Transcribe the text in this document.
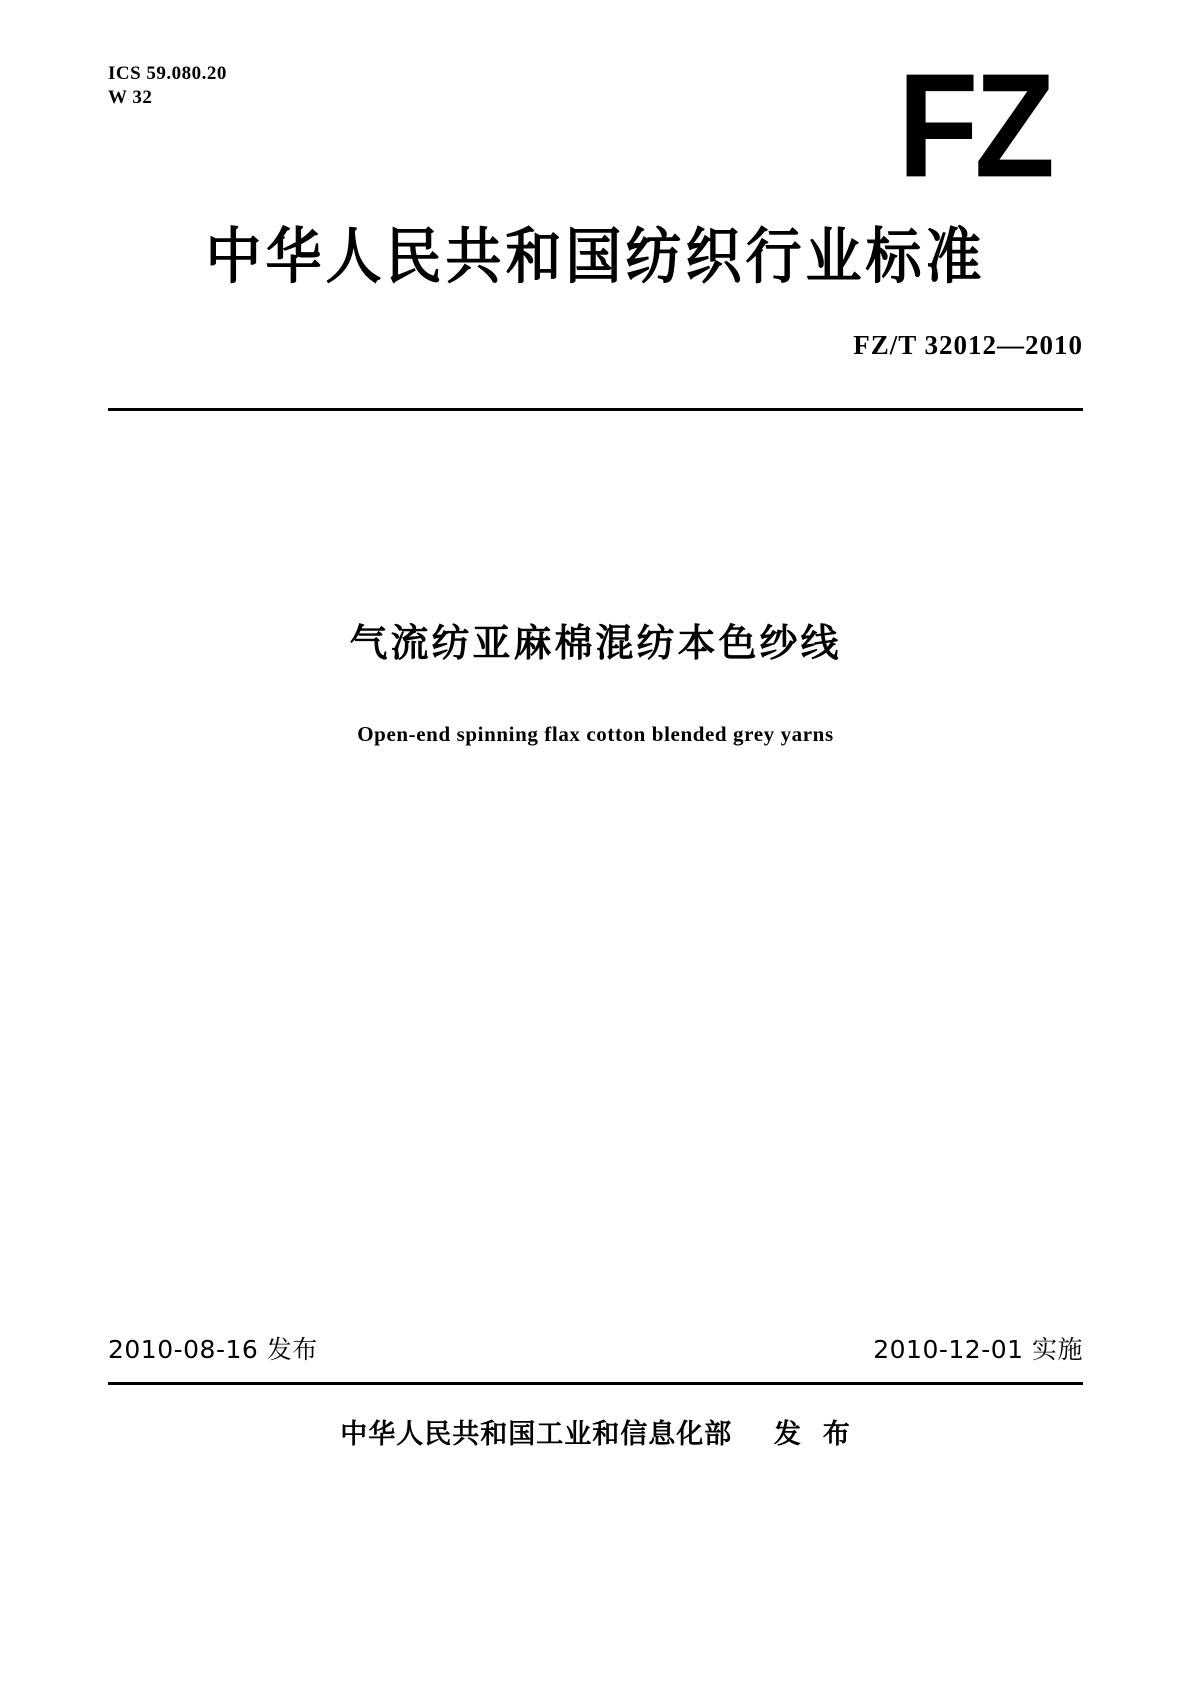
ICS 59.080.20
W 32	FZ
中华人民共和国纺织行业标准
FZ/T 32012—2010
气流纺亚麻棉混纺本色纱线
Open-end spinning flax cotton blended grey yarns
2010-08-16 发布	2010-12-01 实施
中华人民共和国工业和信息化部    发  布
